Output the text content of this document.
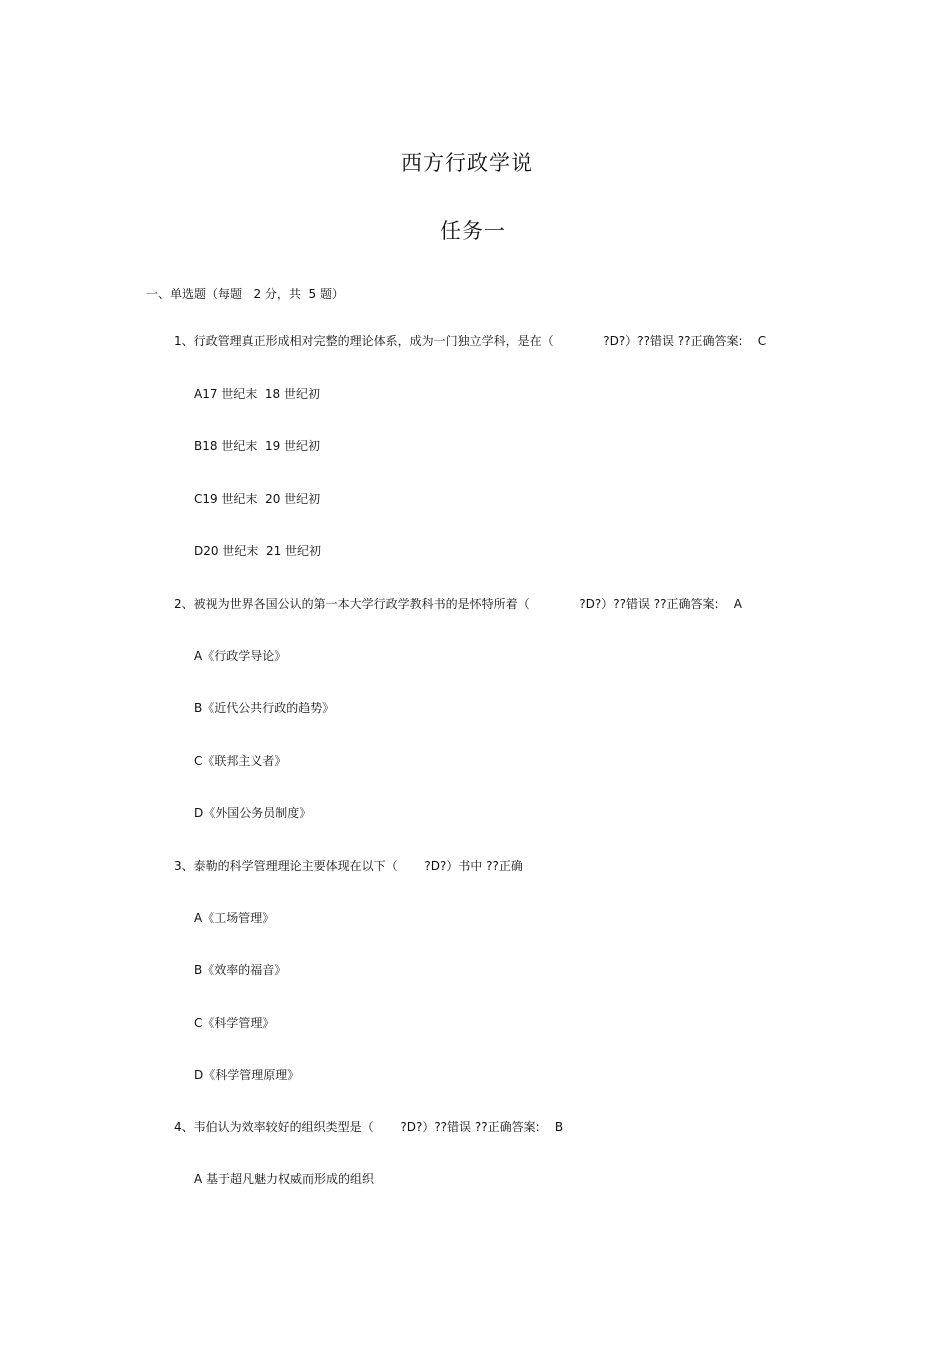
西方行政学说
任务一
一、单选题（每题   2 分，共  5 题）
1、行政管理真正形成相对完整的理论体系，成为一门独立学科，是在（             ?D?）??错误 ??正确答案:    C
A17 世纪末  18 世纪初
B18 世纪末  19 世纪初
C19 世纪末  20 世纪初
D20 世纪末  21 世纪初
2、被视为世界各国公认的第一本大学行政学教科书的是怀特所着（             ?D?）??错误 ??正确答案:    A
A《行政学导论》
B《近代公共行政的趋势》
C《联邦主义者》
D《外国公务员制度》
3、泰勒的科学管理理论主要体现在以下（       ?D?）书中 ??正确
A《工场管理》
B《效率的福音》
C《科学管理》
D《科学管理原理》
4、韦伯认为效率较好的组织类型是（       ?D?）??错误 ??正确答案:    B
A 基于超凡魅力权威而形成的组织
